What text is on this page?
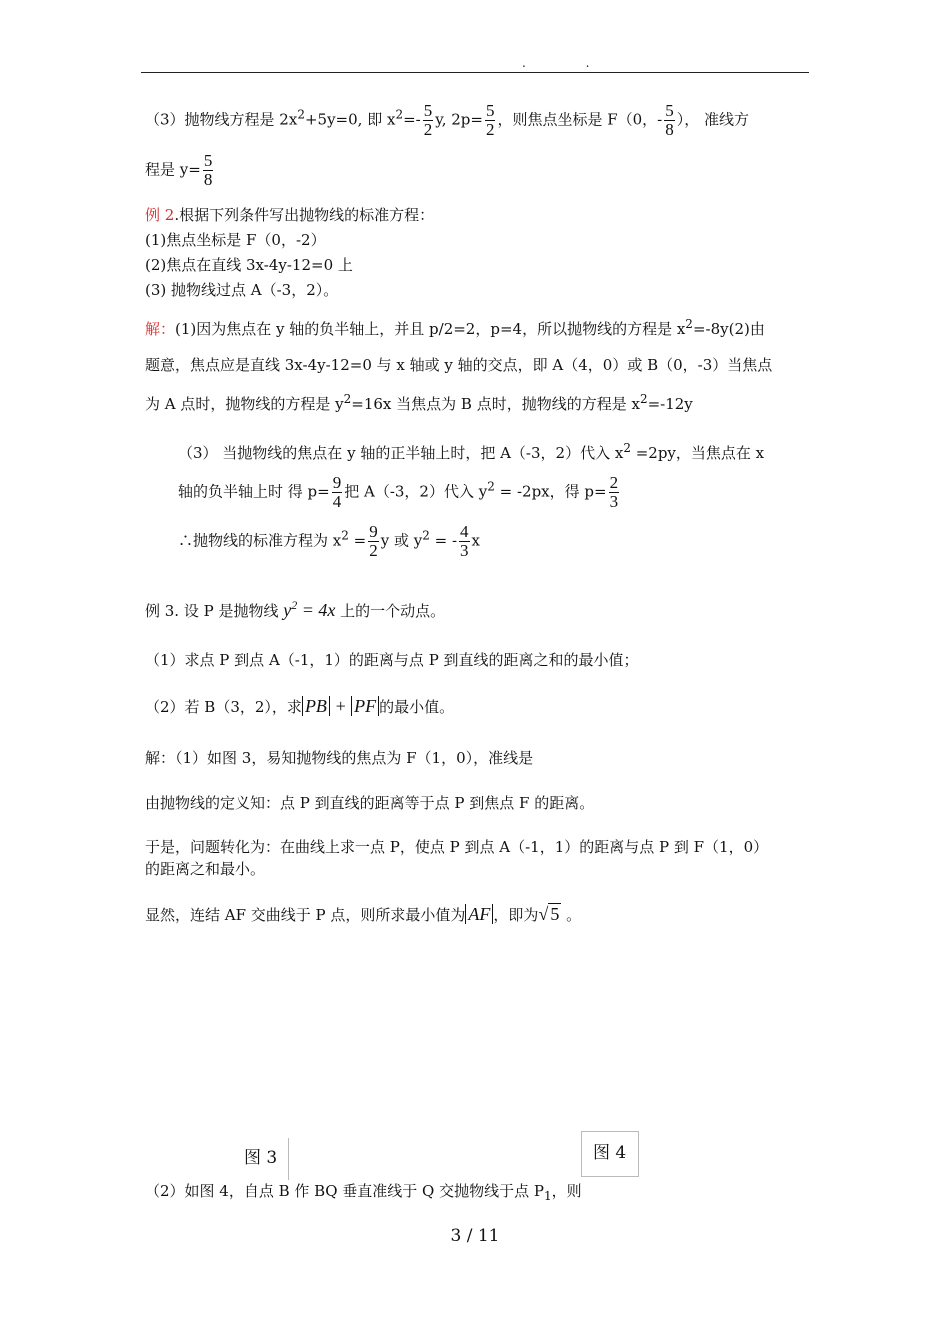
. .
（3）抛物线方程是 $2x^2+5y=0$, 即 $x^2=- \frac{5}{2} y$, $2p= \frac{5}{2}$ ，则焦点坐标是 F（0，- $\frac{5}{8}$ ）， 准线方
程是 $y= \frac{5}{8}$
例 2.根据下列条件写出抛物线的标准方程：
(1)焦点坐标是 F（0，-2）
(2)焦点在直线 3x-4y-12=0 上
(3) 抛物线过点 A（-3，2）。
解：(1)因为焦点在 y 轴的负半轴上，并且 p/2=2，p=4，所以抛物线的方程是 $x^2=-8y(2)$由
题意，焦点应是直线 3x-4y-12=0 与 x 轴或 y 轴的交点，即 A（4，0）或 B（0，-3）当焦点
为 A 点时，抛物线的方程是 $y^2=16x$ 当焦点为 B 点时，抛物线的方程是 $x^2=-12y$
（3） 当抛物线的焦点在 y 轴的正半轴上时，把 A（-3，2）代入 $x^2 =2py$，当焦点在 x
轴的负半轴上时 得 $p= \frac{9}{4}$ 把 A（-3，2）代入 $y^2 = -2px$，得 $p= \frac{2}{3}$
∴抛物线的标准方程为 $x^2 = \frac{9}{2}$ y 或 $y^2$ = - $\frac{4}{3}$ x
例 3. 设 P 是抛物线 $y^2 = 4x$ 上的一个动点。
（1）求点 P 到点 A（-1，1）的距离与点 P 到直线的距离之和的最小值；
（2）若 B（3，2），求 PB + PF 的最小值。
解：（1）如图 3，易知抛物线的焦点为 F（1，0），准线是
由抛物线的定义知：点 P 到直线的距离等于点 P 到焦点 F 的距离。
于是，问题转化为：在曲线上求一点 P，使点 P 到点 A（-1，1）的距离与点 P 到 F（1，0）
的距离之和最小。
显然，连结 AF 交曲线于 P 点，则所求最小值为 AF ，即为√ 5 。
图 3	图 4
（2）如图 4，自点 B 作 BQ 垂直准线于 Q 交抛物线于点 $P_1$，则
3 / 11
